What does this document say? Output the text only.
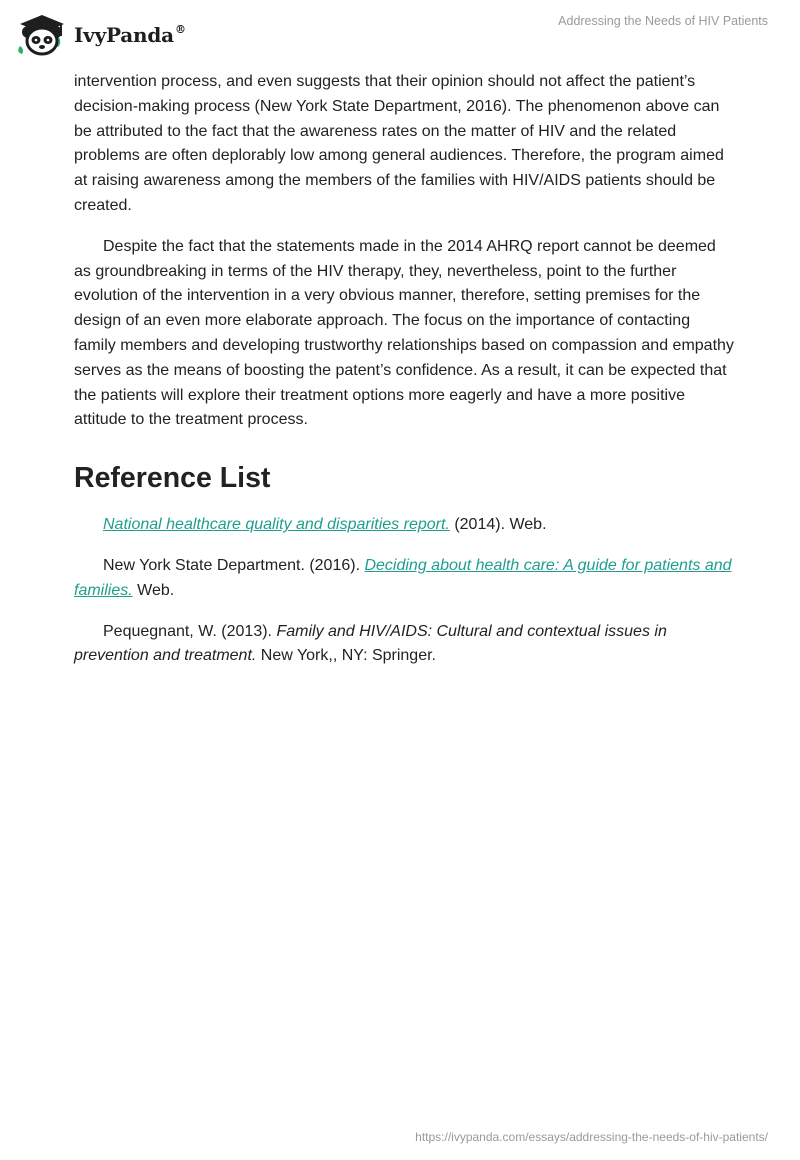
IvyPanda®
Addressing the Needs of HIV Patients

intervention process, and even suggests that their opinion should not affect the patient’s decision-making process (New York State Department, 2016). The phenomenon above can be attributed to the fact that the awareness rates on the matter of HIV and the related problems are often deplorably low among general audiences. Therefore, the program aimed at raising awareness among the members of the families with HIV/AIDS patients should be created.

Despite the fact that the statements made in the 2014 AHRQ report cannot be deemed as groundbreaking in terms of the HIV therapy, they, nevertheless, point to the further evolution of the intervention in a very obvious manner, therefore, setting premises for the design of an even more elaborate approach. The focus on the importance of contacting family members and developing trustworthy relationships based on compassion and empathy serves as the means of boosting the patent’s confidence. As a result, it can be expected that the patients will explore their treatment options more eagerly and have a more positive attitude to the treatment process.

Reference List

National healthcare quality and disparities report. (2014). Web.

New York State Department. (2016). Deciding about health care: A guide for patients and families. Web.

Pequegnant, W. (2013). Family and HIV/AIDS: Cultural and contextual issues in prevention and treatment. New York,, NY: Springer.

https://ivypanda.com/essays/addressing-the-needs-of-hiv-patients/
